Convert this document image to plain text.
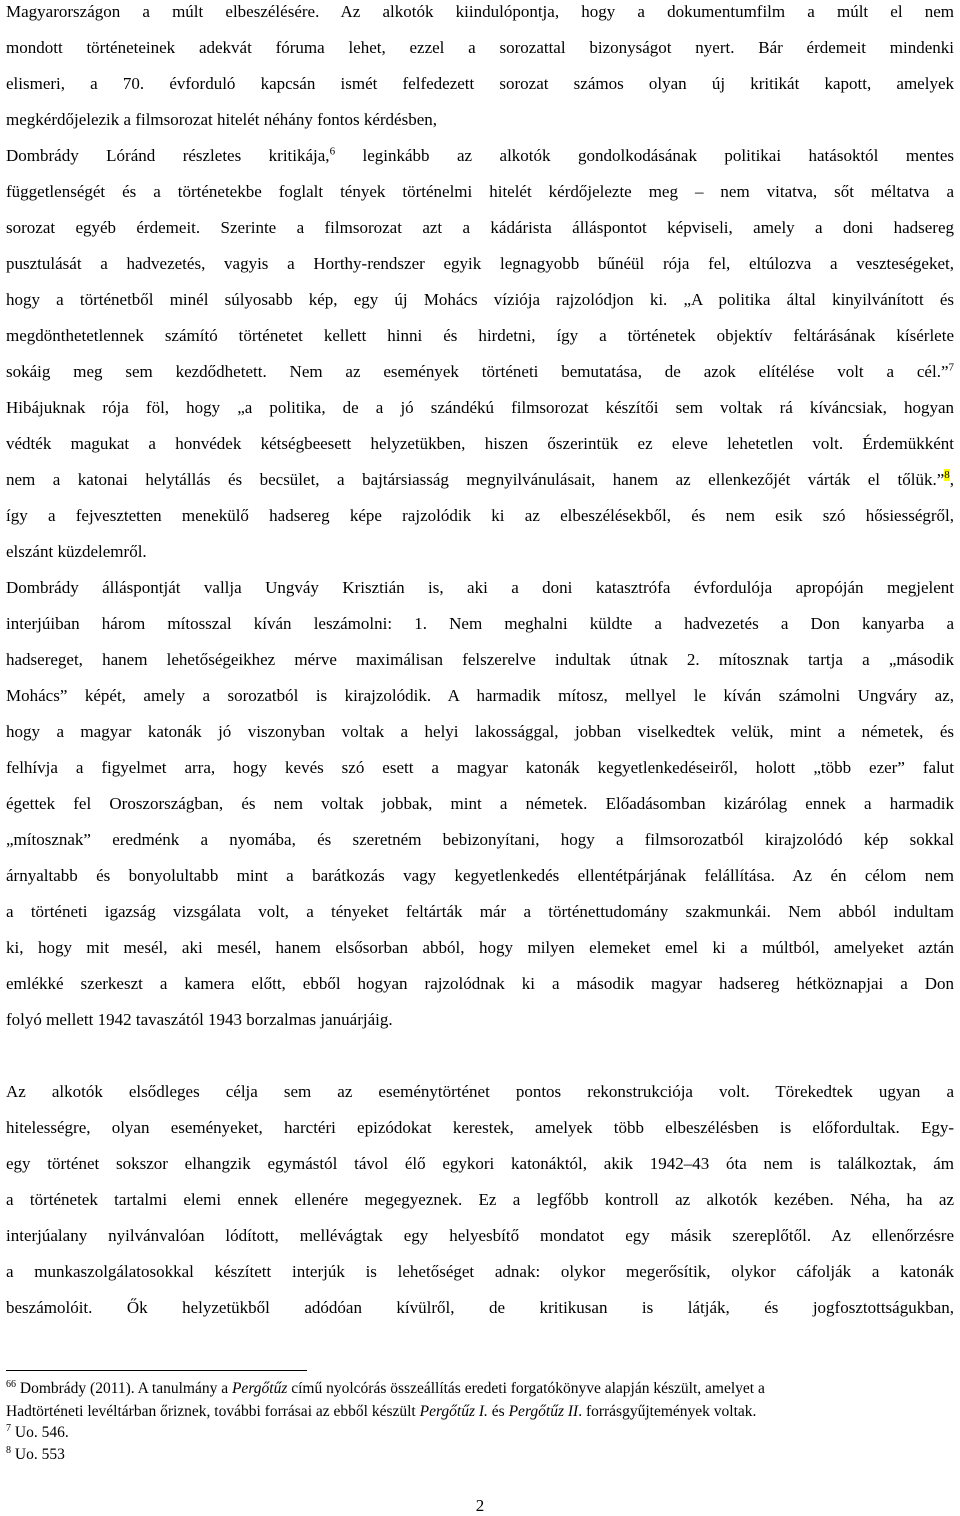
Magyarországon a múlt elbeszélésére. Az alkotók kiindulópontja, hogy a dokumentumfilm a múlt el nem
mondott történeteinek adekvát fóruma lehet, ezzel a sorozattal bizonyságot nyert. Bár érdemeit mindenki
elismeri, a 70. évforduló kapcsán ismét felfedezett sorozat számos olyan új kritikát kapott, amelyek
megkérdőjelezik a filmsorozat hitelét néhány fontos kérdésben,
Dombrády Lóránd részletes kritikája,$^6$ leginkább az alkotók gondolkodásának politikai hatásoktól mentes
függetlenségét és a történetekbe foglalt tények történelmi hitelét kérdőjelezte meg – nem vitatva, sőt méltatva a
sorozat egyéb érdemeit. Szerinte a filmsorozat azt a kádárista álláspontot képviseli, amely a doni hadsereg
pusztulását a hadvezetés, vagyis a Horthy-rendszer egyik legnagyobb bűnéül rója fel, eltúlozva a veszteségeket,
hogy a történetből minél súlyosabb kép, egy új Mohács víziója rajzolódjon ki. „A politika által kinyilvánított és
megdönthetetlennek számító történetet kellett hinni és hirdetni, így a történetek objektív feltárásának kísérlete
sokáig meg sem kezdődhetett. Nem az események történeti bemutatása, de azok elítélése volt a cél.”$^7$
Hibájuknak rója föl, hogy „a politika, de a jó szándékú filmsorozat készítői sem voltak rá kíváncsiak, hogyan
védték magukat a honvédek kétségbeesett helyzetükben, hiszen őszerintük ez eleve lehetetlen volt. Érdemükként
nem a katonai helytállás és becsület, a bajtársiasság megnyilvánulásait, hanem az ellenkezőjét várták el tőlük.”$^8$,
így a fejvesztetten menekülő hadsereg képe rajzolódik ki az elbeszélésekből, és nem esik szó hősiességről,
elszánt küzdelemről.
Dombrády álláspontját vallja Ungváy Krisztián is, aki a doni katasztrófa évfordulója apropóján megjelent
interjúiban három mítosszal kíván leszámolni: 1. Nem meghalni küldte a hadvezetés a Don kanyarba a
hadsereget, hanem lehetőségeikhez mérve maximálisan felszerelve indultak útnak 2. mítosznak tartja a „második
Mohács” képét, amely a sorozatból is kirajzolódik. A harmadik mítosz, mellyel le kíván számolni Ungváry az,
hogy a magyar katonák jó viszonyban voltak a helyi lakossággal, jobban viselkedtek velük, mint a németek, és
felhívja a figyelmet arra, hogy kevés szó esett a magyar katonák kegyetlenkedéseiről, holott „több ezer” falut
égettek fel Oroszországban, és nem voltak jobbak, mint a németek. Előadásomban kizárólag ennek a harmadik
„mítosznak” eredménk a nyomába, és szeretném bebizonyítani, hogy a filmsorozatból kirajzolódó kép sokkal
árnyaltabb és bonyolultabb mint a barátkozás vagy kegyetlenkedés ellentétpárjának felállítása. Az én célom nem
a történeti igazság vizsgálata volt, a tényeket feltárták már a történettudomány szakmunkái. Nem abból indultam
ki, hogy mit mesél, aki mesél, hanem elsősorban abból, hogy milyen elemeket emel ki a múltból, amelyeket aztán
emlékké szerkeszt a kamera előtt, ebből hogyan rajzolódnak ki a második magyar hadsereg hétköznapjai a Don
folyó mellett 1942 tavaszától 1943 borzalmas januárjáig.
Az alkotók elsődleges célja sem az eseménytörténet pontos rekonstrukciója volt. Törekedtek ugyan a
hitelességre, olyan eseményeket, harctéri epizódokat kerestek, amelyek több elbeszélésben is előfordultak. Egy-
egy történet sokszor elhangzik egymástól távol élő egykori katonáktól, akik 1942–43 óta nem is találkoztak, ám
a történetek tartalmi elemi ennek ellenére megegyeznek. Ez a legfőbb kontroll az alkotók kezében. Néha, ha az
interjúalany nyilvánvalóan lódított, mellévágtak egy helyesbítő mondatot egy másik szereplőtől. Az ellenőrzésre
a munkaszolgálatosokkal készített interjúk is lehetőséget adnak: olykor megerősítik, olykor cáfolják a katonák
beszámolóit. Ők helyzetükből adódóan kívülről, de kritikusan is látják, és jogfosztottságukban,
$^{66}$ Dombrády (2011). A tanulmány a Pergőtűz című nyolcórás összeállítás eredeti forgatókönyve alapján készült, amelyet a
Hadtörténeti levéltárban őriznek, további forrásai az ebből készült Pergőtűz I. és Pergőtűz II. forrásgyűjtemények voltak.
$^7$ Uo. 546.
$^8$ Uo. 553
2
